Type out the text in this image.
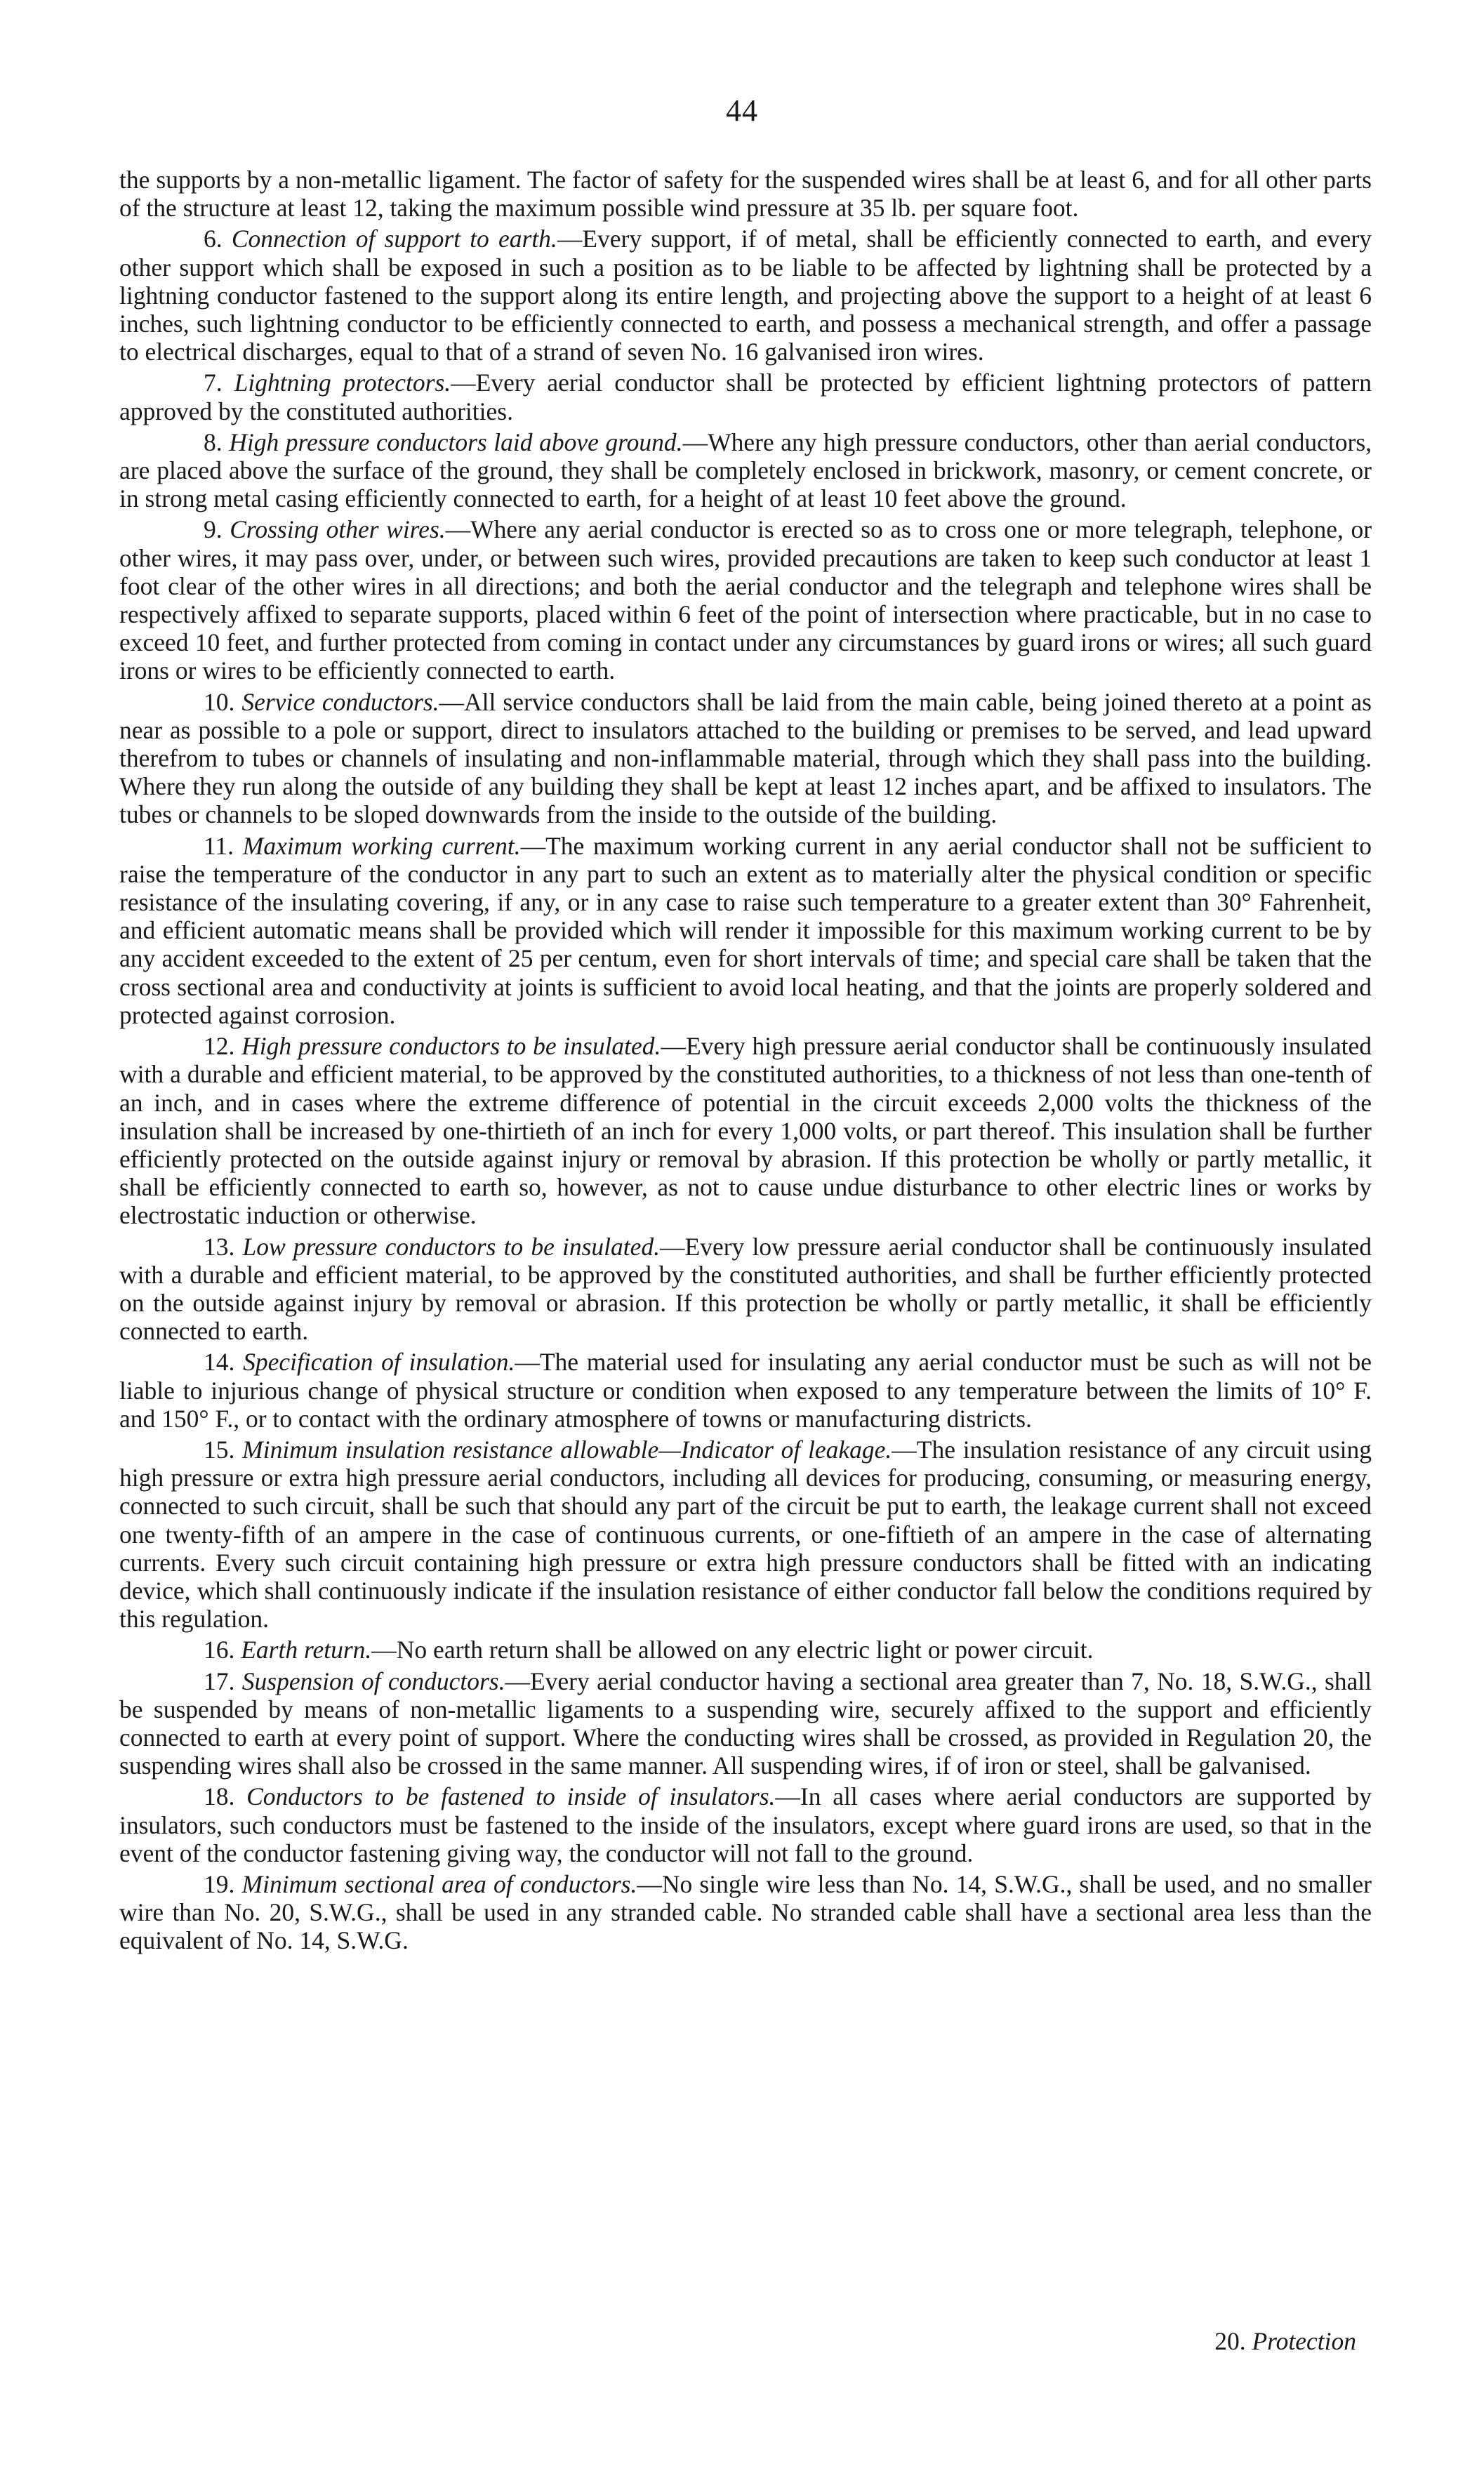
44

the supports by a non-metallic ligament. The factor of safety for the suspended wires shall be at least 6, and for all other parts of the structure at least 12, taking the maximum possible wind pressure at 35 lb. per square foot.

6. Connection of support to earth.—Every support, if of metal, shall be efficiently connected to earth, and every other support which shall be exposed in such a position as to be liable to be affected by lightning shall be protected by a lightning conductor fastened to the support along its entire length, and projecting above the support to a height of at least 6 inches, such lightning conductor to be efficiently connected to earth, and possess a mechanical strength, and offer a passage to electrical discharges, equal to that of a strand of seven No. 16 galvanised iron wires.

7. Lightning protectors.—Every aerial conductor shall be protected by efficient lightning protectors of pattern approved by the constituted authorities.

8. High pressure conductors laid above ground.—Where any high pressure conductors, other than aerial conductors, are placed above the surface of the ground, they shall be completely enclosed in brickwork, masonry, or cement concrete, or in strong metal casing efficiently connected to earth, for a height of at least 10 feet above the ground.

9. Crossing other wires.—Where any aerial conductor is erected so as to cross one or more telegraph, telephone, or other wires, it may pass over, under, or between such wires, provided precautions are taken to keep such conductor at least 1 foot clear of the other wires in all directions; and both the aerial conductor and the telegraph and telephone wires shall be respectively affixed to separate supports, placed within 6 feet of the point of intersection where practicable, but in no case to exceed 10 feet, and further protected from coming in contact under any circumstances by guard irons or wires; all such guard irons or wires to be efficiently connected to earth.

10. Service conductors.—All service conductors shall be laid from the main cable, being joined thereto at a point as near as possible to a pole or support, direct to insulators attached to the building or premises to be served, and lead upward therefrom to tubes or channels of insulating and non-inflammable material, through which they shall pass into the building. Where they run along the outside of any building they shall be kept at least 12 inches apart, and be affixed to insulators. The tubes or channels to be sloped downwards from the inside to the outside of the building.

11. Maximum working current.—The maximum working current in any aerial conductor shall not be sufficient to raise the temperature of the conductor in any part to such an extent as to materially alter the physical condition or specific resistance of the insulating covering, if any, or in any case to raise such temperature to a greater extent than 30° Fahrenheit, and efficient automatic means shall be provided which will render it impossible for this maximum working current to be by any accident exceeded to the extent of 25 per centum, even for short intervals of time; and special care shall be taken that the cross sectional area and conductivity at joints is sufficient to avoid local heating, and that the joints are properly soldered and protected against corrosion.

12. High pressure conductors to be insulated.—Every high pressure aerial conductor shall be continuously insulated with a durable and efficient material, to be approved by the constituted authorities, to a thickness of not less than one-tenth of an inch, and in cases where the extreme difference of potential in the circuit exceeds 2,000 volts the thickness of the insulation shall be increased by one-thirtieth of an inch for every 1,000 volts, or part thereof. This insulation shall be further efficiently protected on the outside against injury or removal by abrasion. If this protection be wholly or partly metallic, it shall be efficiently connected to earth so, however, as not to cause undue disturbance to other electric lines or works by electrostatic induction or otherwise.

13. Low pressure conductors to be insulated.—Every low pressure aerial conductor shall be continuously insulated with a durable and efficient material, to be approved by the constituted authorities, and shall be further efficiently protected on the outside against injury by removal or abrasion. If this protection be wholly or partly metallic, it shall be efficiently connected to earth.

14. Specification of insulation.—The material used for insulating any aerial conductor must be such as will not be liable to injurious change of physical structure or condition when exposed to any temperature between the limits of 10° F. and 150° F., or to contact with the ordinary atmosphere of towns or manufacturing districts.

15. Minimum insulation resistance allowable—Indicator of leakage.—The insulation resistance of any circuit using high pressure or extra high pressure aerial conductors, including all devices for producing, consuming, or measuring energy, connected to such circuit, shall be such that should any part of the circuit be put to earth, the leakage current shall not exceed one twenty-fifth of an ampere in the case of continuous currents, or one-fiftieth of an ampere in the case of alternating currents. Every such circuit containing high pressure or extra high pressure conductors shall be fitted with an indicating device, which shall continuously indicate if the insulation resistance of either conductor fall below the conditions required by this regulation.

16. Earth return.—No earth return shall be allowed on any electric light or power circuit.

17. Suspension of conductors.—Every aerial conductor having a sectional area greater than 7, No. 18, S.W.G., shall be suspended by means of non-metallic ligaments to a suspending wire, securely affixed to the support and efficiently connected to earth at every point of support. Where the conducting wires shall be crossed, as provided in Regulation 20, the suspending wires shall also be crossed in the same manner. All suspending wires, if of iron or steel, shall be galvanised.

18. Conductors to be fastened to inside of insulators.—In all cases where aerial conductors are supported by insulators, such conductors must be fastened to the inside of the insulators, except where guard irons are used, so that in the event of the conductor fastening giving way, the conductor will not fall to the ground.

19. Minimum sectional area of conductors.—No single wire less than No. 14, S.W.G., shall be used, and no smaller wire than No. 20, S.W.G., shall be used in any stranded cable. No stranded cable shall have a sectional area less than the equivalent of No. 14, S.W.G.

20. Protection
